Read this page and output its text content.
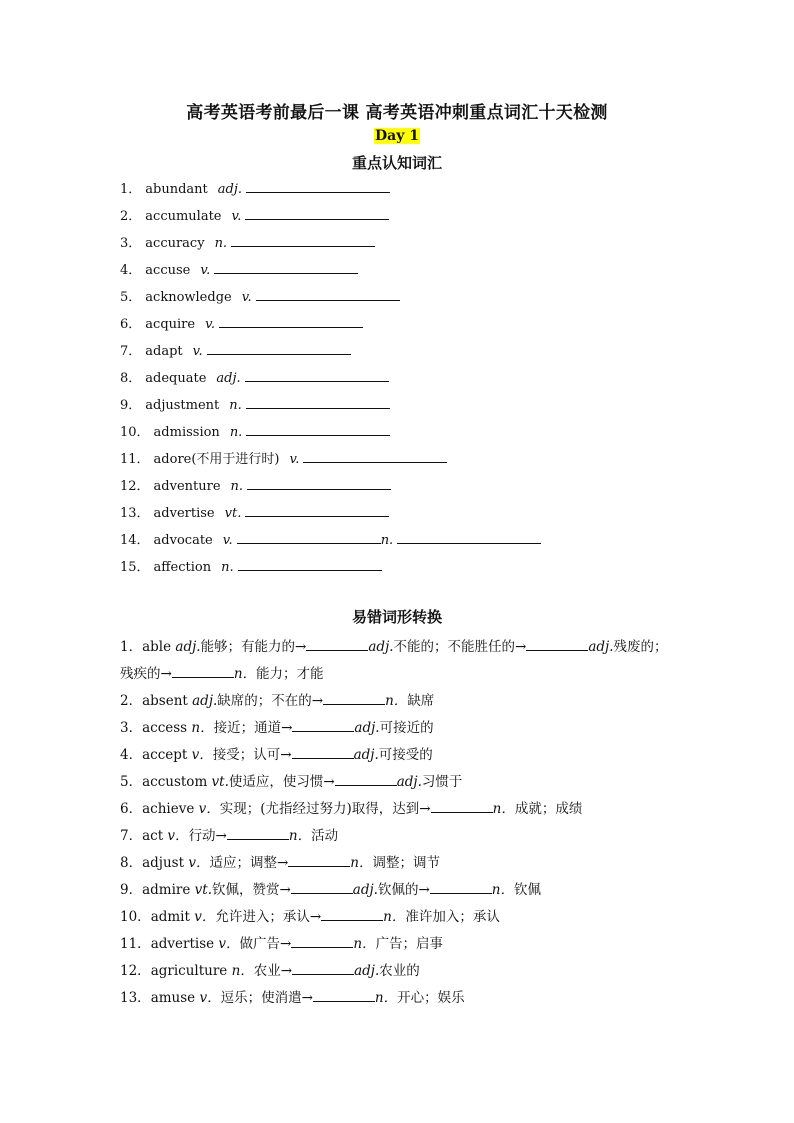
高考英语考前最后一课 高考英语冲刺重点词汇十天检测
Day 1
重点认知词汇
1． abundant adj.
2． accumulate v.
3． accuracy n.
4． accuse v.
5． acknowledge v.
6． acquire v.
7． adapt v.
8． adequate adj.
9． adjustment n.
10． admission n.
11． adore(不用于进行时) v.
12． adventure n.
13． advertise vt.
14． advocate v.	n.
15． affection n.
易错词形转换
1．able adj.能够；有能力的→	adj.不能的；不能胜任的→	adj.残废的；残疾的→	n．能力；才能
2．absent adj.缺席的；不在的→	n．缺席
3．access n．接近；通道→	adj.可接近的
4．accept v．接受；认可→	adj.可接受的
5．accustom vt.使适应，使习惯→	adj.习惯于
6．achieve v．实现；(尤指经过努力)取得，达到→	n．成就；成绩
7．act v．行动→	n．活动
8．adjust v．适应；调整→	n．调整；调节
9．admire vt.钦佩，赞赏→	adj.钦佩的→	n．钦佩
10．admit v．允许进入；承认→	n．准许加入；承认
11．advertise v．做广告→	n．广告；启事
12．agriculture n．农业→	adj.农业的
13．amuse v．逗乐；使消遣→	n．开心；娱乐
